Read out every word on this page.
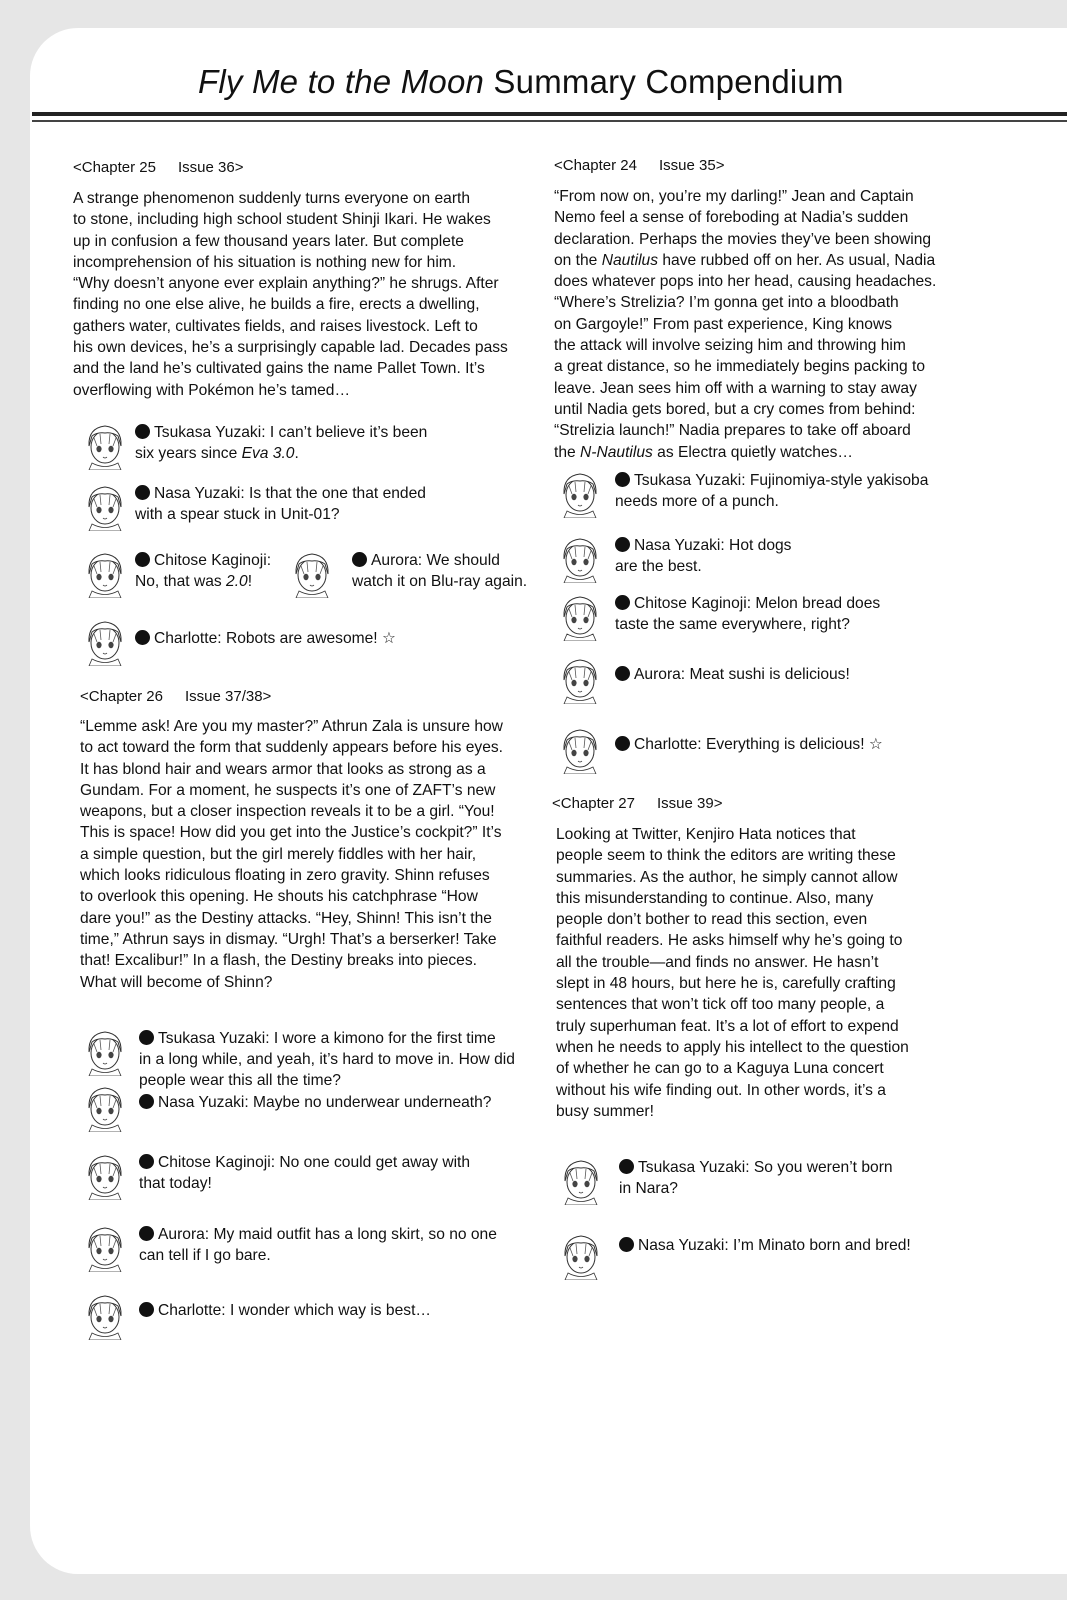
Fly Me to the Moon Summary Compendium
<Chapter 25 Issue 36>
A strange phenomenon suddenly turns everyone on earth
to stone, including high school student Shinji Ikari. He wakes
up in confusion a few thousand years later. But complete
incomprehension of his situation is nothing new for him.
“Why doesn’t anyone ever explain anything?” he shrugs. After
finding no one else alive, he builds a fire, erects a dwelling,
gathers water, cultivates fields, and raises livestock. Left to
his own devices, he’s a surprisingly capable lad. Decades pass
and the land he’s cultivated gains the name Pallet Town. It’s
overflowing with Pokémon he’s tamed…
Tsukasa Yuzaki: I can’t believe it’s been
six years since Eva 3.0.
Nasa Yuzaki: Is that the one that ended
with a spear stuck in Unit-01?
Chitose Kaginoji:
No, that was 2.0!
Aurora: We should
watch it on Blu-ray again.
Charlotte: Robots are awesome! ☆
<Chapter 26 Issue 37/38>
“Lemme ask! Are you my master?” Athrun Zala is unsure how
to act toward the form that suddenly appears before his eyes.
It has blond hair and wears armor that looks as strong as a
Gundam. For a moment, he suspects it’s one of ZAFT’s new
weapons, but a closer inspection reveals it to be a girl. “You!
This is space! How did you get into the Justice’s cockpit?” It’s
a simple question, but the girl merely fiddles with her hair,
which looks ridiculous floating in zero gravity. Shinn refuses
to overlook this opening. He shouts his catchphrase “How
dare you!” as the Destiny attacks. “Hey, Shinn! This isn’t the
time,” Athrun says in dismay. “Urgh! That’s a berserker! Take
that! Excalibur!” In a flash, the Destiny breaks into pieces.
What will become of Shinn?
Tsukasa Yuzaki: I wore a kimono for the first time
in a long while, and yeah, it’s hard to move in. How did
people wear this all the time?
Nasa Yuzaki: Maybe no underwear underneath?
Chitose Kaginoji: No one could get away with
that today!
Aurora: My maid outfit has a long skirt, so no one
can tell if I go bare.
Charlotte: I wonder which way is best…
<Chapter 24 Issue 35>
“From now on, you’re my darling!” Jean and Captain
Nemo feel a sense of foreboding at Nadia’s sudden
declaration. Perhaps the movies they’ve been showing
on the Nautilus have rubbed off on her. As usual, Nadia
does whatever pops into her head, causing headaches.
“Where’s Strelizia? I’m gonna get into a bloodbath
on Gargoyle!” From past experience, King knows
the attack will involve seizing him and throwing him
a great distance, so he immediately begins packing to
leave. Jean sees him off with a warning to stay away
until Nadia gets bored, but a cry comes from behind:
“Strelizia launch!” Nadia prepares to take off aboard
the N-Nautilus as Electra quietly watches…
Tsukasa Yuzaki: Fujinomiya-style yakisoba
needs more of a punch.
Nasa Yuzaki: Hot dogs
are the best.
Chitose Kaginoji: Melon bread does
taste the same everywhere, right?
Aurora: Meat sushi is delicious!
Charlotte: Everything is delicious! ☆
<Chapter 27 Issue 39>
Looking at Twitter, Kenjiro Hata notices that
people seem to think the editors are writing these
summaries. As the author, he simply cannot allow
this misunderstanding to continue. Also, many
people don’t bother to read this section, even
faithful readers. He asks himself why he’s going to
all the trouble—and finds no answer. He hasn’t
slept in 48 hours, but here he is, carefully crafting
sentences that won’t tick off too many people, a
truly superhuman feat. It’s a lot of effort to expend
when he needs to apply his intellect to the question
of whether he can go to a Kaguya Luna concert
without his wife finding out. In other words, it’s a
busy summer!
Tsukasa Yuzaki: So you weren’t born
in Nara?
Nasa Yuzaki: I’m Minato born and bred!
